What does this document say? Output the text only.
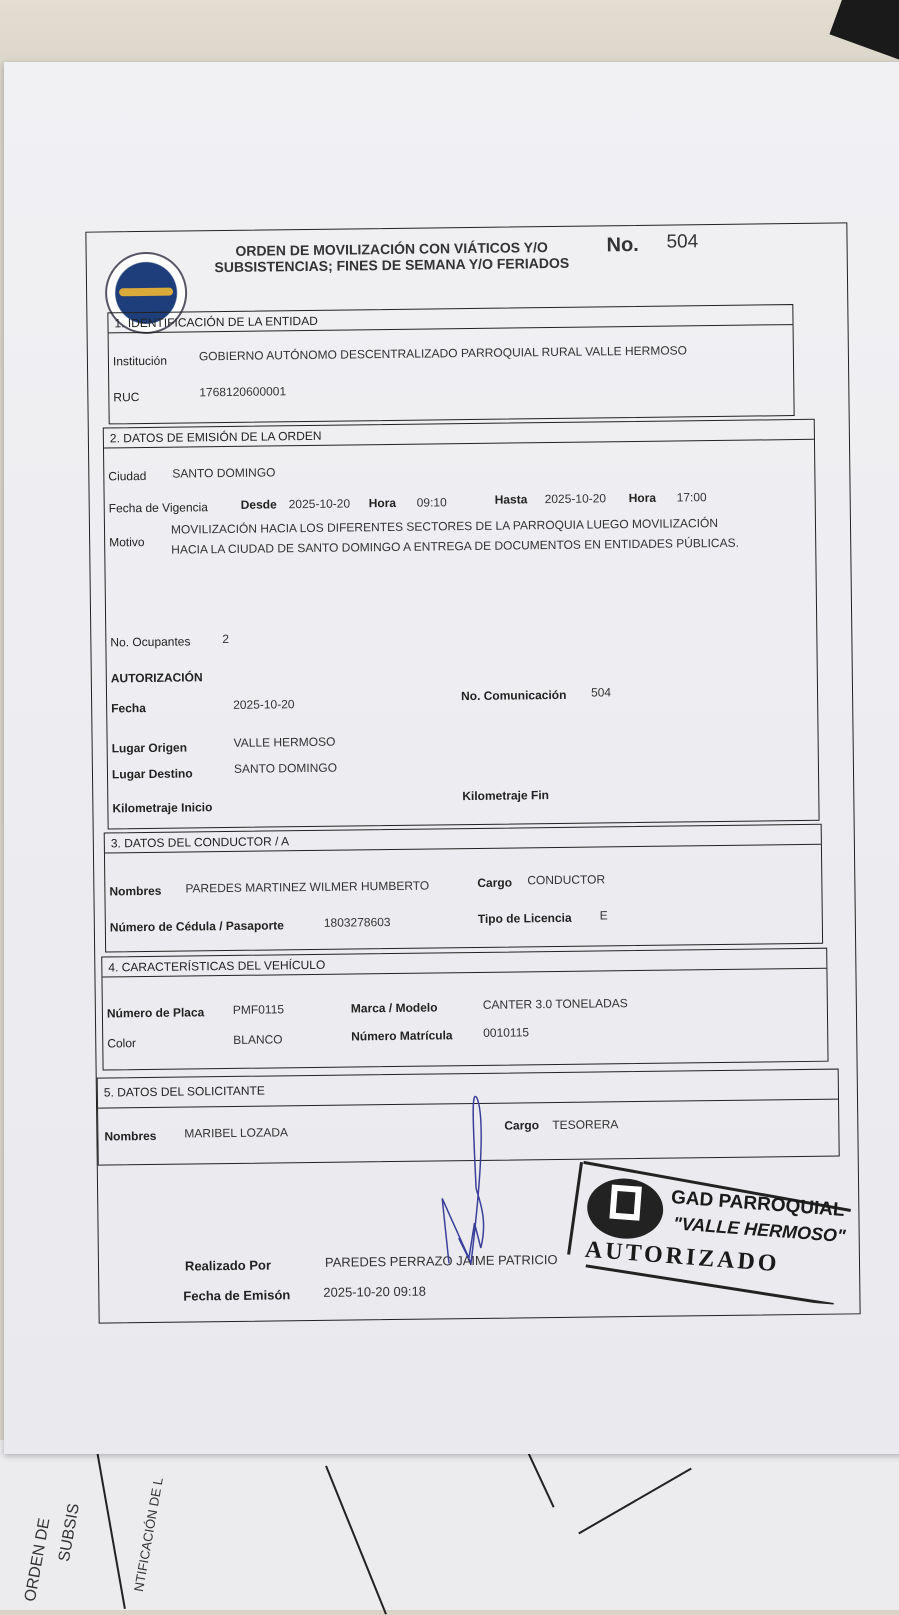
ORDEN DE SUBSIS	NTIFICACIÓN DE L
ORDEN DE MOVILIZACIÓN CON VIÁTICOS Y/O SUBSISTENCIAS; FINES DE SEMANA Y/O FERIADOS
No. 504
1. IDENTIFICACIÓN DE LA ENTIDAD
Institución	GOBIERNO AUTÓNOMO DESCENTRALIZADO PARROQUIAL RURAL VALLE HERMOSO
RUC	1768120600001
2. DATOS DE EMISIÓN DE LA ORDEN
Ciudad SANTO DOMINGO
Fecha de Vigencia	Desde 2025-10-20 Hora 09:10	Hasta 2025-10-20 Hora 17:00
Motivo
MOVILIZACIÓN HACIA LOS DIFERENTES SECTORES DE LA PARROQUIA LUEGO MOVILIZACIÓN
HACIA LA CIUDAD DE SANTO DOMINGO A ENTREGA DE DOCUMENTOS EN ENTIDADES PÚBLICAS.
No. Ocupantes	2
AUTORIZACIÓN
Fecha	2025-10-20
No. Comunicación 504
Lugar Origen	VALLE HERMOSO
Lugar Destino	SANTO DOMINGO
Kilometraje Inicio
Kilometraje Fin
3. DATOS DEL CONDUCTOR / A
Nombres PAREDES MARTINEZ WILMER HUMBERTO	Cargo CONDUCTOR
Número de Cédula / Pasaporte	1803278603	Tipo de Licencia E
4. CARACTERÍSTICAS DEL VEHÍCULO
Número de Placa PMF0115	Marca / Modelo	CANTER 3.0 TONELADAS
Color	BLANCO	Número Matrícula	0010115
5. DATOS DEL SOLICITANTE
Nombres MARIBEL LOZADA	Cargo TESORERA
Realizado Por	PAREDES PERRAZO JAIME PATRICIO
Fecha de Emisón	2025-10-20 09:18
GAD PARROQUIAL
"VALLE HERMOSO"
AUTORIZADO
